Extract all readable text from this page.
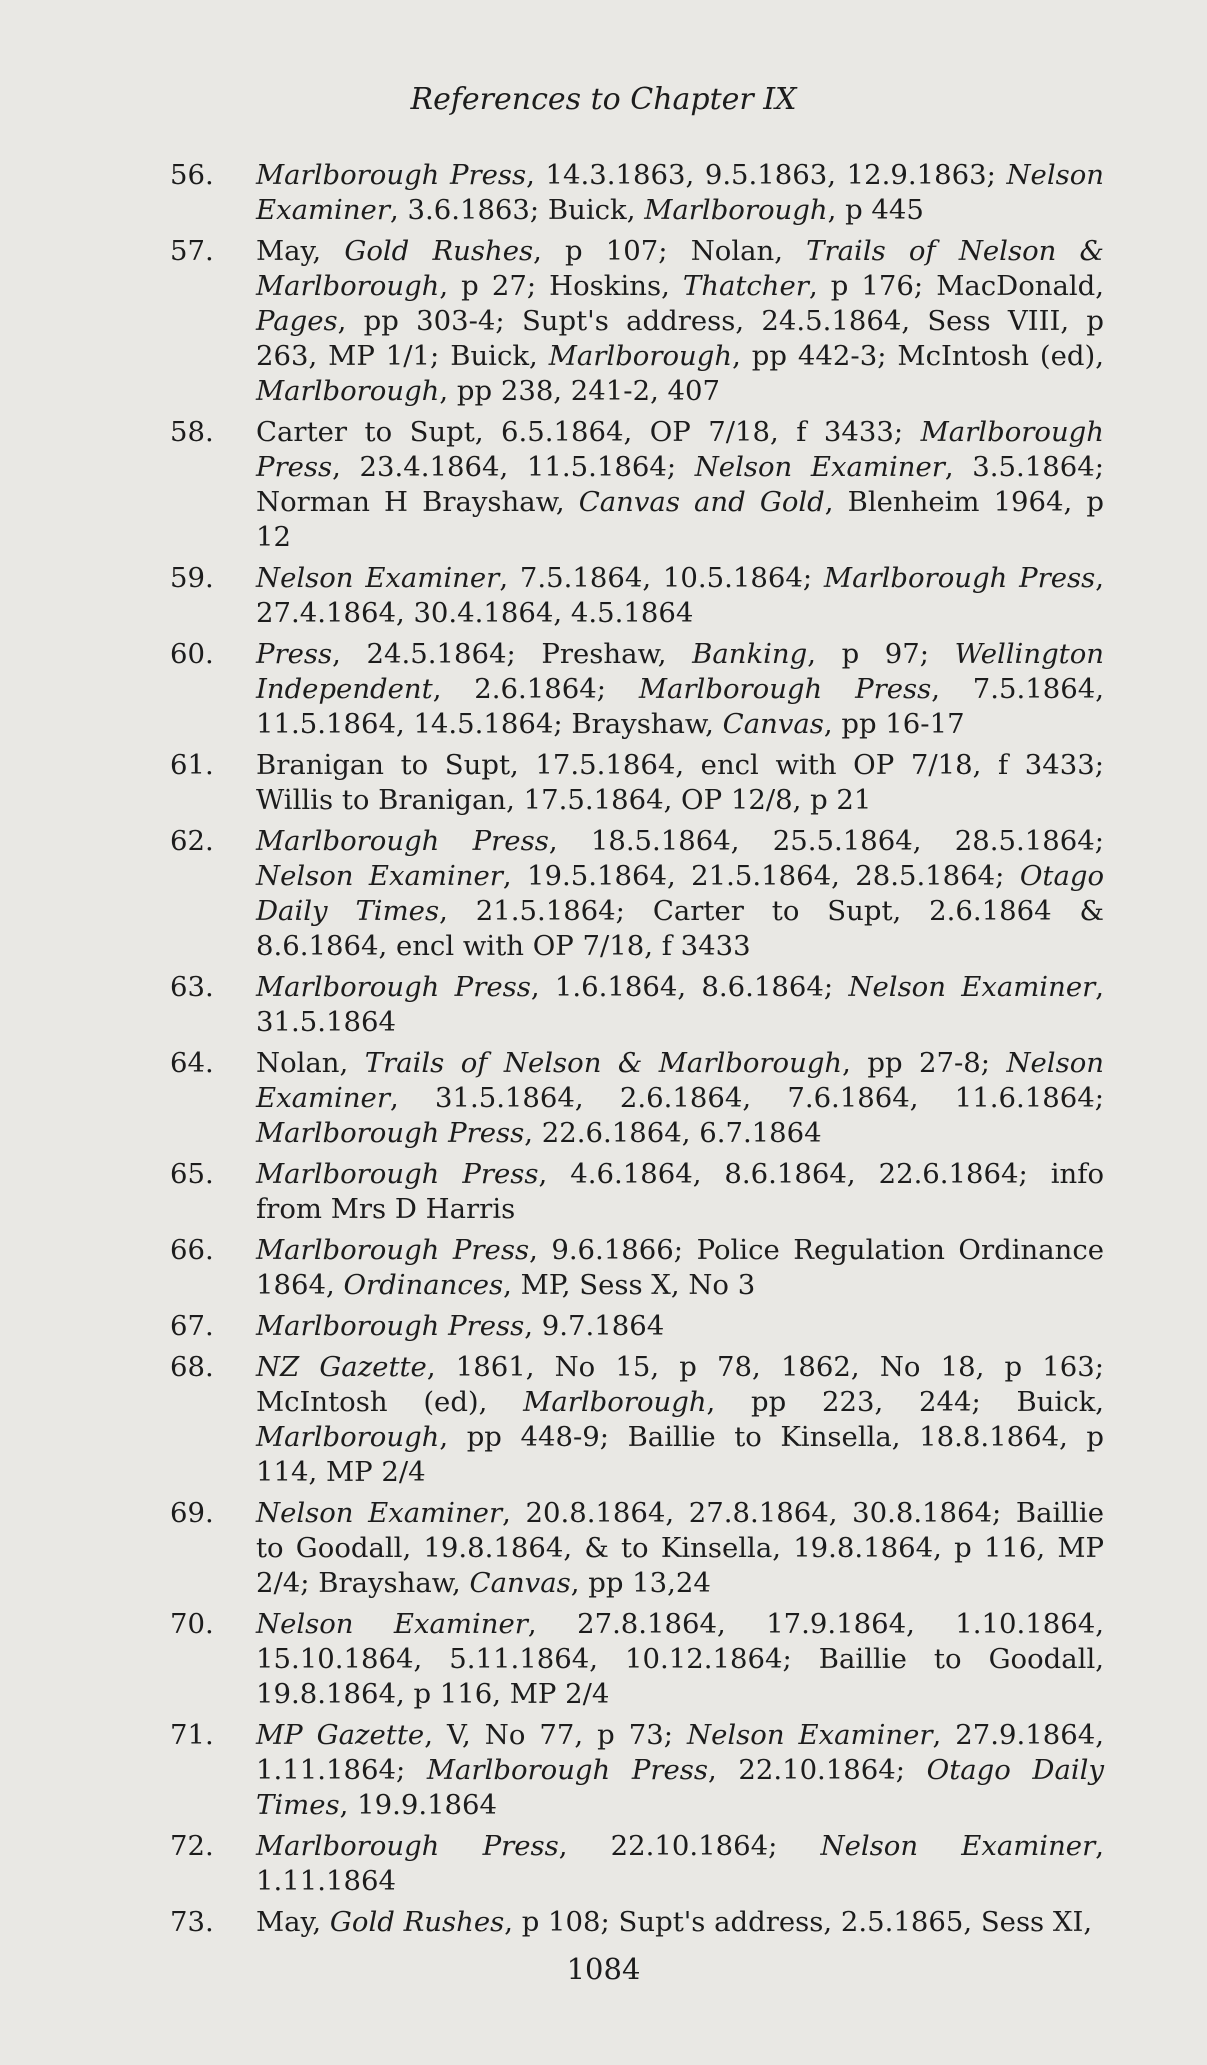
References to Chapter IX
56.	Marlborough Press, 14.3.1863, 9.5.1863, 12.9.1863; Nelson Examiner, 3.6.1863; Buick, Marlborough, p 445
57.	May, Gold Rushes, p 107; Nolan, Trails of Nelson & Marlborough, p 27; Hoskins, Thatcher, p 176; MacDonald, Pages, pp 303-4; Supt's address, 24.5.1864, Sess VIII, p 263, MP 1/1; Buick, Marlborough, pp 442-3; McIntosh (ed), Marlborough, pp 238, 241-2, 407
58.	Carter to Supt, 6.5.1864, OP 7/18, f 3433; Marlborough Press, 23.4.1864, 11.5.1864; Nelson Examiner, 3.5.1864; Norman H Brayshaw, Canvas and Gold, Blenheim 1964, p 12
59.	Nelson Examiner, 7.5.1864, 10.5.1864; Marlborough Press, 27.4.1864, 30.4.1864, 4.5.1864
60.	Press, 24.5.1864; Preshaw, Banking, p 97; Wellington Independent, 2.6.1864; Marlborough Press, 7.5.1864, 11.5.1864, 14.5.1864; Brayshaw, Canvas, pp 16-17
61.	Branigan to Supt, 17.5.1864, encl with OP 7/18, f 3433; Willis to Branigan, 17.5.1864, OP 12/8, p 21
62.	Marlborough Press, 18.5.1864, 25.5.1864, 28.5.1864; Nelson Examiner, 19.5.1864, 21.5.1864, 28.5.1864; Otago Daily Times, 21.5.1864; Carter to Supt, 2.6.1864 & 8.6.1864, encl with OP 7/18, f 3433
63.	Marlborough Press, 1.6.1864, 8.6.1864; Nelson Examiner, 31.5.1864
64.	Nolan, Trails of Nelson & Marlborough, pp 27-8; Nelson Examiner, 31.5.1864, 2.6.1864, 7.6.1864, 11.6.1864; Marlborough Press, 22.6.1864, 6.7.1864
65.	Marlborough Press, 4.6.1864, 8.6.1864, 22.6.1864; info from Mrs D Harris
66.	Marlborough Press, 9.6.1866; Police Regulation Ordinance 1864, Ordinances, MP, Sess X, No 3
67.	Marlborough Press, 9.7.1864
68.	NZ Gazette, 1861, No 15, p 78, 1862, No 18, p 163; McIntosh (ed), Marlborough, pp 223, 244; Buick, Marlborough, pp 448-9; Baillie to Kinsella, 18.8.1864, p 114, MP 2/4
69.	Nelson Examiner, 20.8.1864, 27.8.1864, 30.8.1864; Baillie to Goodall, 19.8.1864, & to Kinsella, 19.8.1864, p 116, MP 2/4; Brayshaw, Canvas, pp 13,24
70.	Nelson Examiner, 27.8.1864, 17.9.1864, 1.10.1864, 15.10.1864, 5.11.1864, 10.12.1864; Baillie to Goodall, 19.8.1864, p 116, MP 2/4
71.	MP Gazette, V, No 77, p 73; Nelson Examiner, 27.9.1864, 1.11.1864; Marlborough Press, 22.10.1864; Otago Daily Times, 19.9.1864
72.	Marlborough Press, 22.10.1864; Nelson Examiner, 1.11.1864
73.	May, Gold Rushes, p 108; Supt's address, 2.5.1865, Sess XI,
1084
